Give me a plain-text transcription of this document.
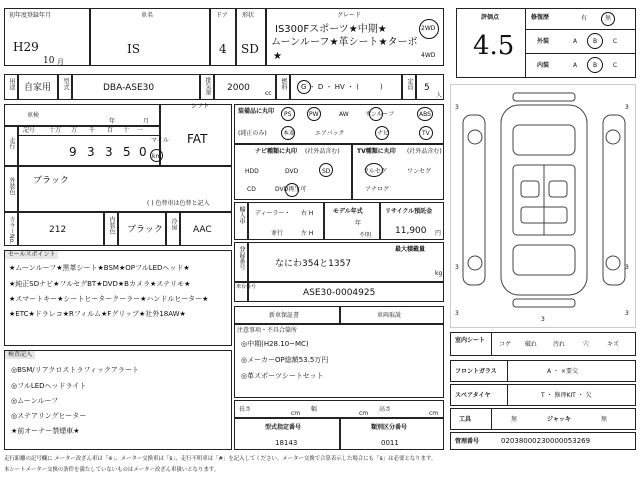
初年度登録年月
H29
10 月
車名
IS
ドア
4
形状
SD
グレード
IS300Fスポーツ★中期★
ムーンルーフ★革シート★ターボ
★
2WD
4WD
用途 自家用 型式	DBA-ASE30	排気量 2000
cc
燃料 G ・ D ・ HV ・ (　　　)	定員 5
人
車検
年	月
シフト
FAT
走行
記号 十万 万 千 百 十 一
9 3 3 5 0
マイル
km
外装色 ブラック
( ) 色替車は色替と記入
カラーNo.	212	内装色 ブラック 冷房 AAC
セールスポイント
★ムーンルーフ★黒革シート★BSM★OPフルLEDヘッド★
★純正SDナビ★フルセグBT★DVD★Bカメラ★ステリモ★
★スマートキー★シートヒータークーラー★ハンドルヒーター★
★ETC★ドラレコ★Rフィルム★Fグリップ★社外18AW★
検査記入
◎BSM/リアクロストラフィックアラート
◎フルLEDヘッドライト
◎ムーンルーフ
◎ステアリングヒーター
★前オーナー禁煙車★
装備品に丸印
(純正のみ)
PS	PW	AW	サンルーフ	ABS
本革	エアバック	ナビ	TV
ナビ種類に丸印 (社外品含む)
HDD	DVD	SD
CD	DVD再生可
TV種類に丸印 (社外品含む)
フルセグ	ワンセグ
アナログ
輸入車 ディーラー・
並行
右 H
左 H
モデル年式
年
不明
リサイクル預託金
11,900 円
登録番号	最大積載量
kg
なにわ354と1357
車台番号
ASE30-0004925
新車保証書	車両取説
注意事項・不具合箇所
◎中期(H28.10~MC)
◎メーカーOP総額53.5万円
◎革スポーツシートセット
長さ
cm
幅
cm
高さ
cm
型式指定番号
18143
類別区分番号
0011
評価点
4.5
修復歴	有	無
外装	A	B	C
内装	A	B	C
3	3
3	3
3	3
3
室内シート
コゲ 破れ	汚れ	穴	キズ
フロントガラス	A ・ ×要交
スペアタイヤ	T ・ 修理KIT ・ 欠
工具	無	ジャッキ	無
管理番号	02038000230000053269
走行距離の記号欄に メーター改ざん車は「※」、メーター交換車は「$」、走行不明車は「#」を記入してください。メーター交換で合算表示した場合にも「$」は必要となります。
本シートメーター交換の条件を満たしていないものはメーター改ざん車扱いとなります。
